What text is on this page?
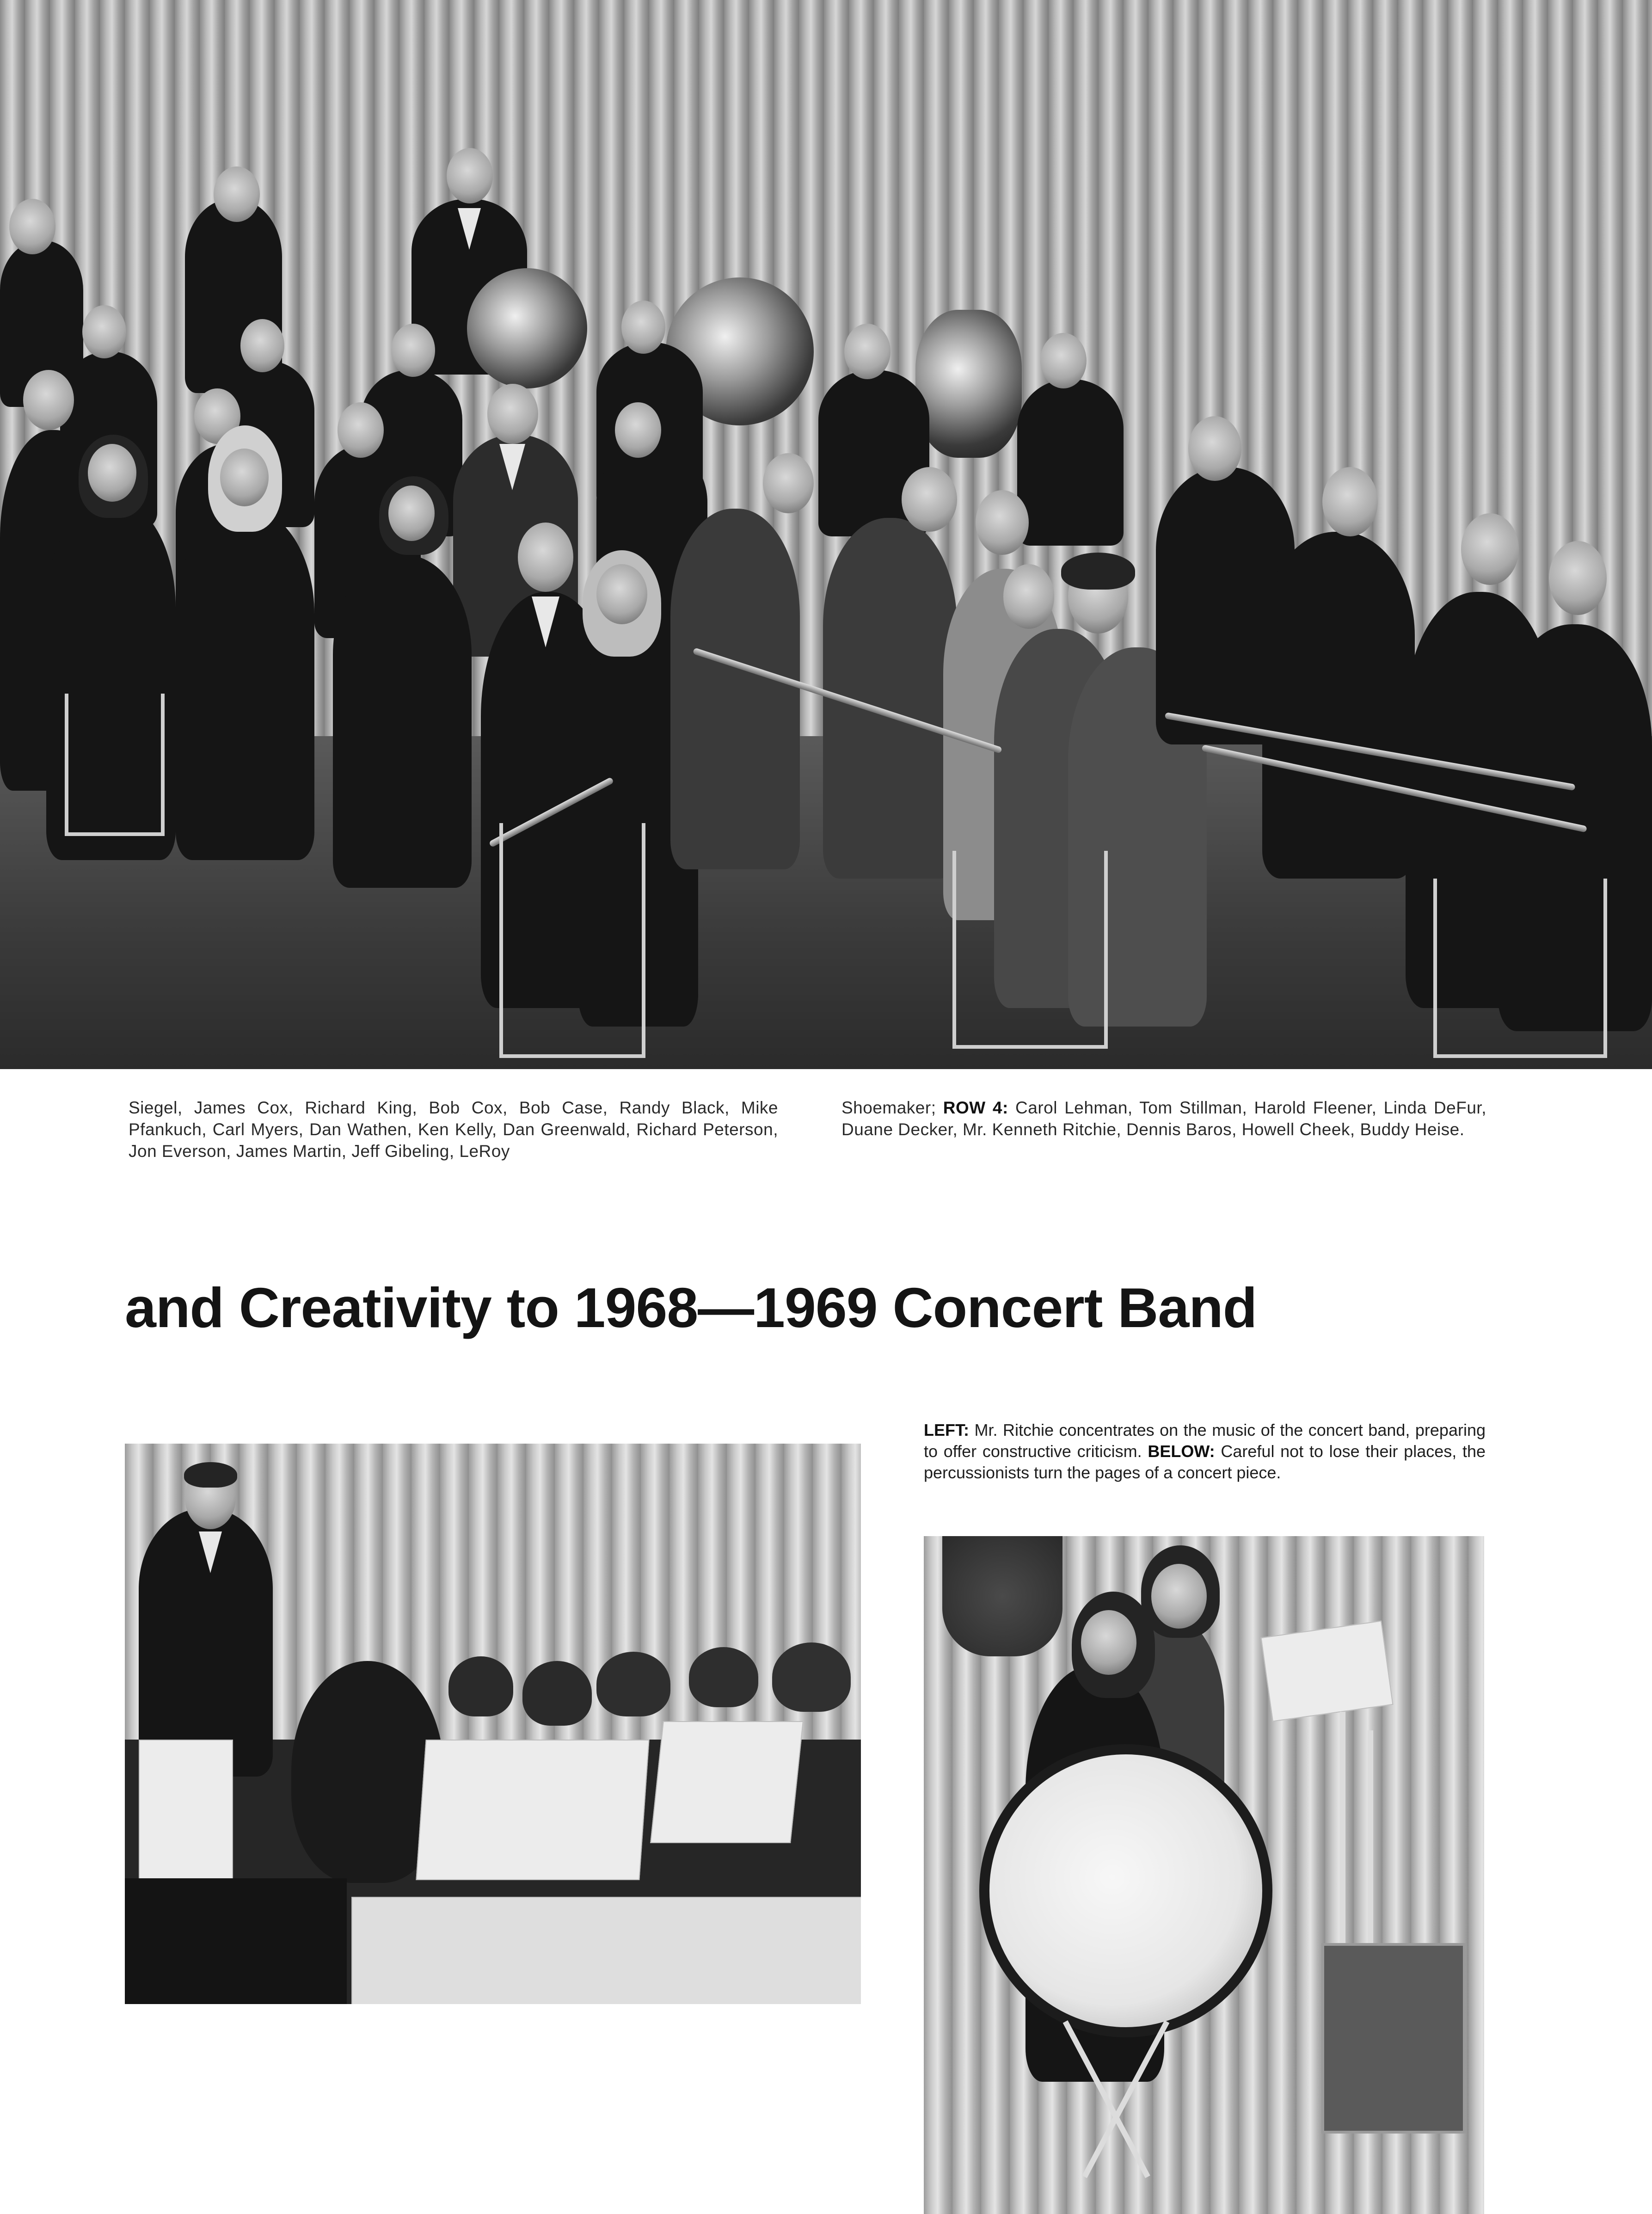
Siegel, James Cox, Richard King, Bob Cox, Bob Case, Randy Black, Mike Pfankuch, Carl Myers, Dan Wathen, Ken Kelly, Dan Greenwald, Richard Peterson, Jon Everson, James Martin, Jeff Gibeling, LeRoy
Shoemaker; ROW 4: Carol Lehman, Tom Stillman, Harold Fleener, Linda DeFur, Duane Decker, Mr. Kenneth Ritchie, Dennis Baros, Howell Cheek, Buddy Heise.
and Creativity to 1968—1969 Concert Band
LEFT: Mr. Ritchie concentrates on the music of the concert band, preparing to offer constructive criticism. BELOW: Careful not to lose their places, the percussionists turn the pages of a concert piece.
